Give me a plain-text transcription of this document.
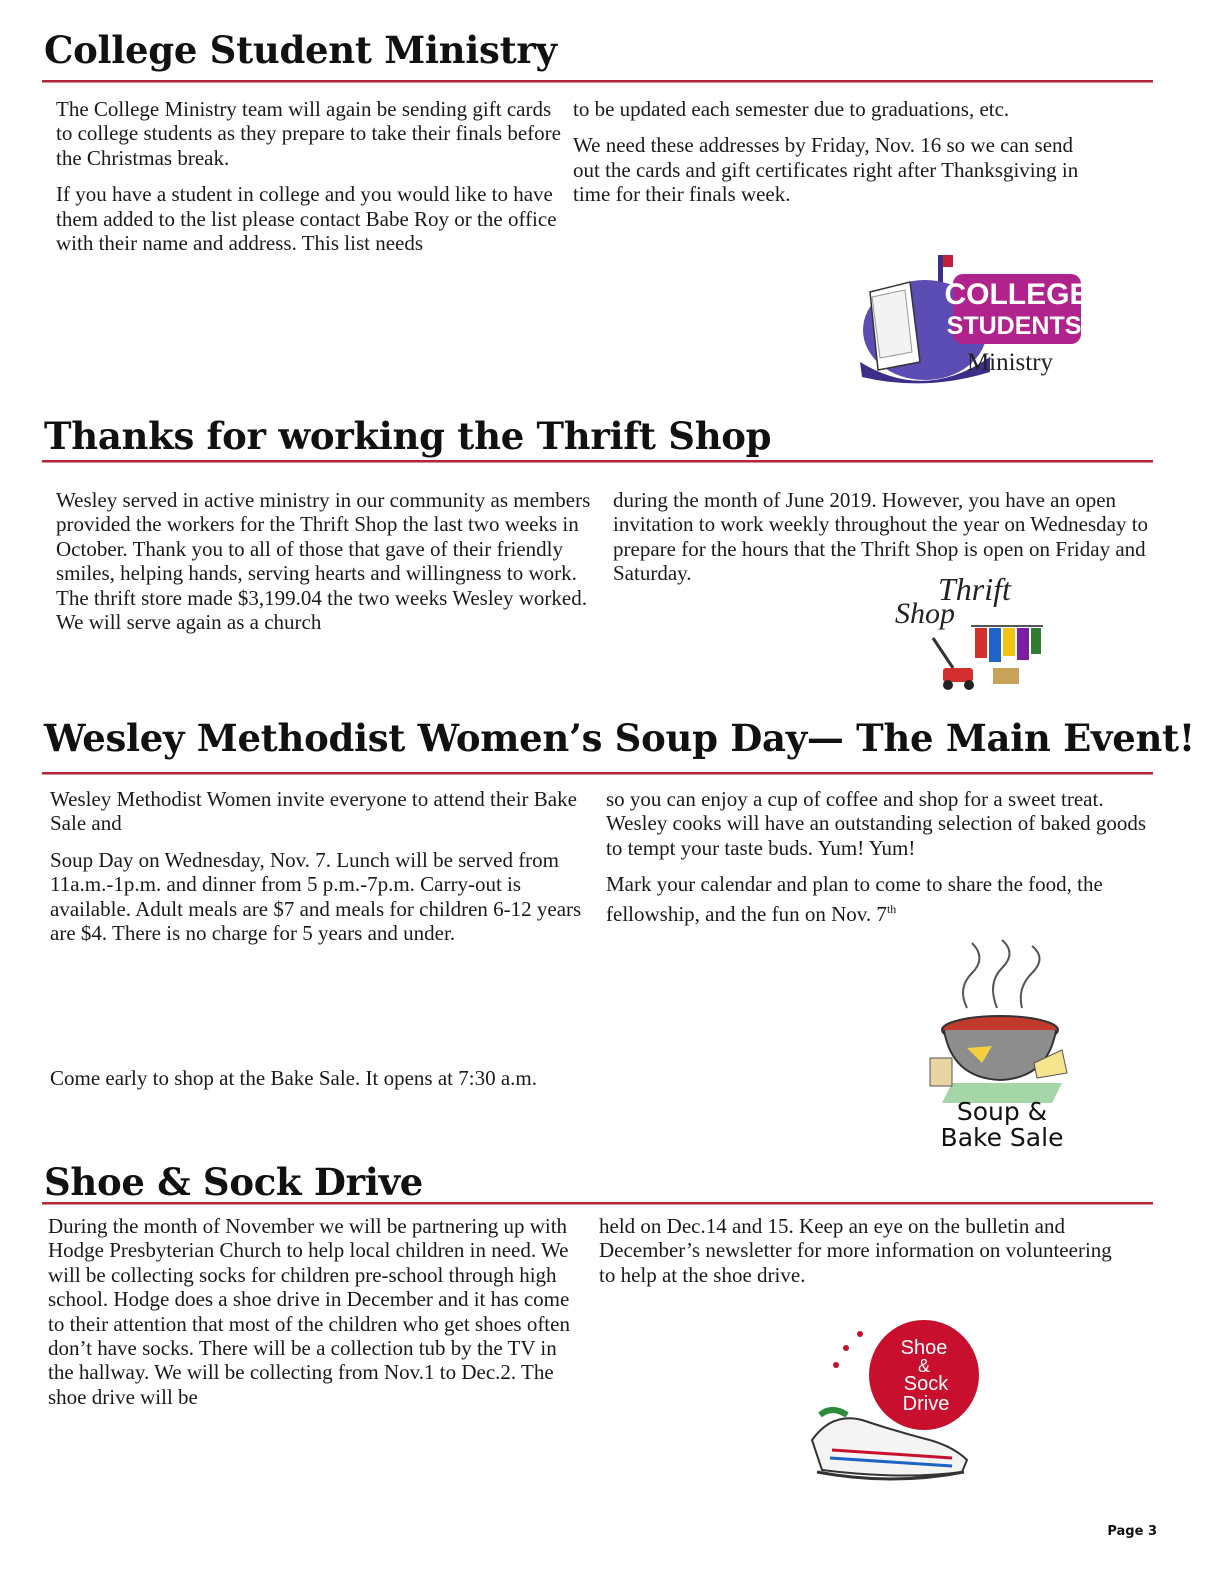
College Student Ministry

The College Ministry team will again be sending gift cards to college students as they prepare to take their finals before the Christmas break.

If you have a student in college and you would like to have them added to the list please contact Babe Roy or the office with their name and address. This list needs

to be updated each semester due to graduations, etc.

We need these addresses by Friday, Nov. 16 so we can send out the cards and gift certificates right after Thanksgiving in time for their finals week.

COLLEGE
STUDENTS'
Ministry
Thanks for working the Thrift Shop

Wesley served in active ministry in our community as members provided the workers for the Thrift Shop the last two weeks in October. Thank you to all of those that gave of their friendly smiles, helping hands, serving hearts and willingness to work. The thrift store made $3,199.04 the two weeks Wesley worked. We will serve again as a church

during the month of June 2019. However, you have an open invitation to work weekly throughout the year on Wednesday to prepare for the hours that the Thrift Shop is open on Friday and Saturday.	Thrift
Shop
Wesley Methodist Women’s Soup Day— The Main Event!

Wesley Methodist Women invite everyone to attend their Bake Sale and

Soup Day on Wednesday, Nov. 7. Lunch will be served from 11a.m.-1p.m. and dinner from 5 p.m.-7p.m. Carry-out is available. Adult meals are $7 and meals for children 6-12 years are $4. There is no charge for 5 years and under.

Come early to shop at the Bake Sale. It opens at 7:30 a.m.

so you can enjoy a cup of coffee and shop for a sweet treat. Wesley cooks will have an outstanding selection of baked goods to tempt your taste buds. Yum! Yum!

Mark your calendar and plan to come to share the food, the fellowship, and the fun on Nov. 7th

Soup &
Bake Sale
Shoe & Sock Drive

During the month of November we will be partnering up with Hodge Presbyterian Church to help local children in need. We will be collecting socks for children pre-school through high school. Hodge does a shoe drive in December and it has come to their attention that most of the children who get shoes often don’t have socks. There will be a collection tub by the TV in the hallway. We will be collecting from Nov.1 to Dec.2. The shoe drive will be

held on Dec.14 and 15. Keep an eye on the bulletin and December’s newsletter for more information on volunteering to help at the shoe drive.

Shoe
&
Sock
Drive
Page 3
